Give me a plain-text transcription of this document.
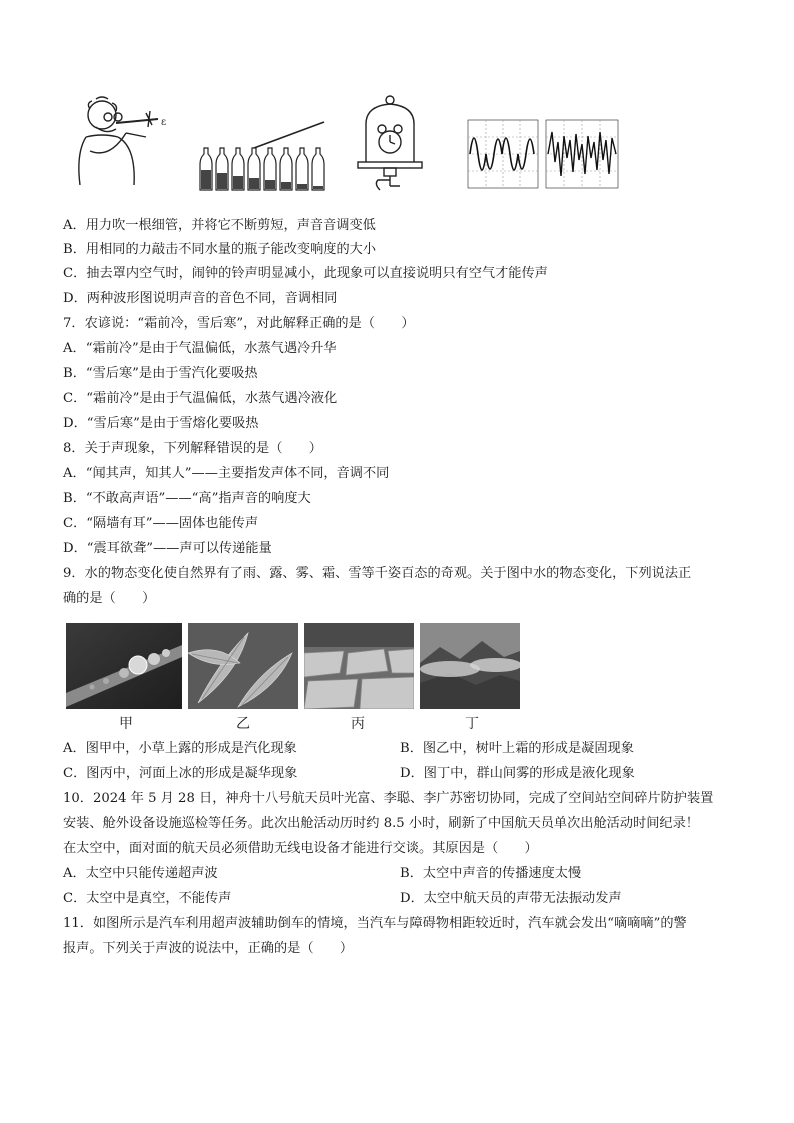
ε
A．用力吹一根细管，并将它不断剪短，声音音调变低
B．用相同的力敲击不同水量的瓶子能改变响度的大小
C．抽去罩内空气时，闹钟的铃声明显减小，此现象可以直接说明只有空气才能传声
D．两种波形图说明声音的音色不同，音调相同
7．农谚说：“霜前冷，雪后寒”，对此解释正确的是（　　）
A．“霜前冷”是由于气温偏低，水蒸气遇冷升华
B．“雪后寒”是由于雪汽化要吸热
C．“霜前冷”是由于气温偏低，水蒸气遇冷液化
D．“雪后寒”是由于雪熔化要吸热
8．关于声现象，下列解释错误的是（　　）
A．“闻其声，知其人”——主要指发声体不同，音调不同
B．“不敢高声语”——“高”指声音的响度大
C．“隔墙有耳”——固体也能传声
D．“震耳欲聋”——声可以传递能量
9．水的物态变化使自然界有了雨、露、雾、霜、雪等千姿百态的奇观。关于图中水的物态变化，下列说法正
确的是（　　）
甲	乙	丙	丁
A．图甲中，小草上露的形成是汽化现象	B．图乙中，树叶上霜的形成是凝固现象
C．图丙中，河面上冰的形成是凝华现象	D．图丁中，群山间雾的形成是液化现象
10．2024 年 5 月 28 日，神舟十八号航天员叶光富、李聪、李广苏密切协同，完成了空间站空间碎片防护装置
安装、舱外设备设施巡检等任务。此次出舱活动历时约 8.5 小时，刷新了中国航天员单次出舱活动时间纪录！
在太空中，面对面的航天员必须借助无线电设备才能进行交谈。其原因是（　　）
A．太空中只能传递超声波	B．太空中声音的传播速度太慢
C．太空中是真空，不能传声	D．太空中航天员的声带无法振动发声
11．如图所示是汽车利用超声波辅助倒车的情境，当汽车与障碍物相距较近时，汽车就会发出“嘀嘀嘀”的警
报声。下列关于声波的说法中，正确的是（　　）
